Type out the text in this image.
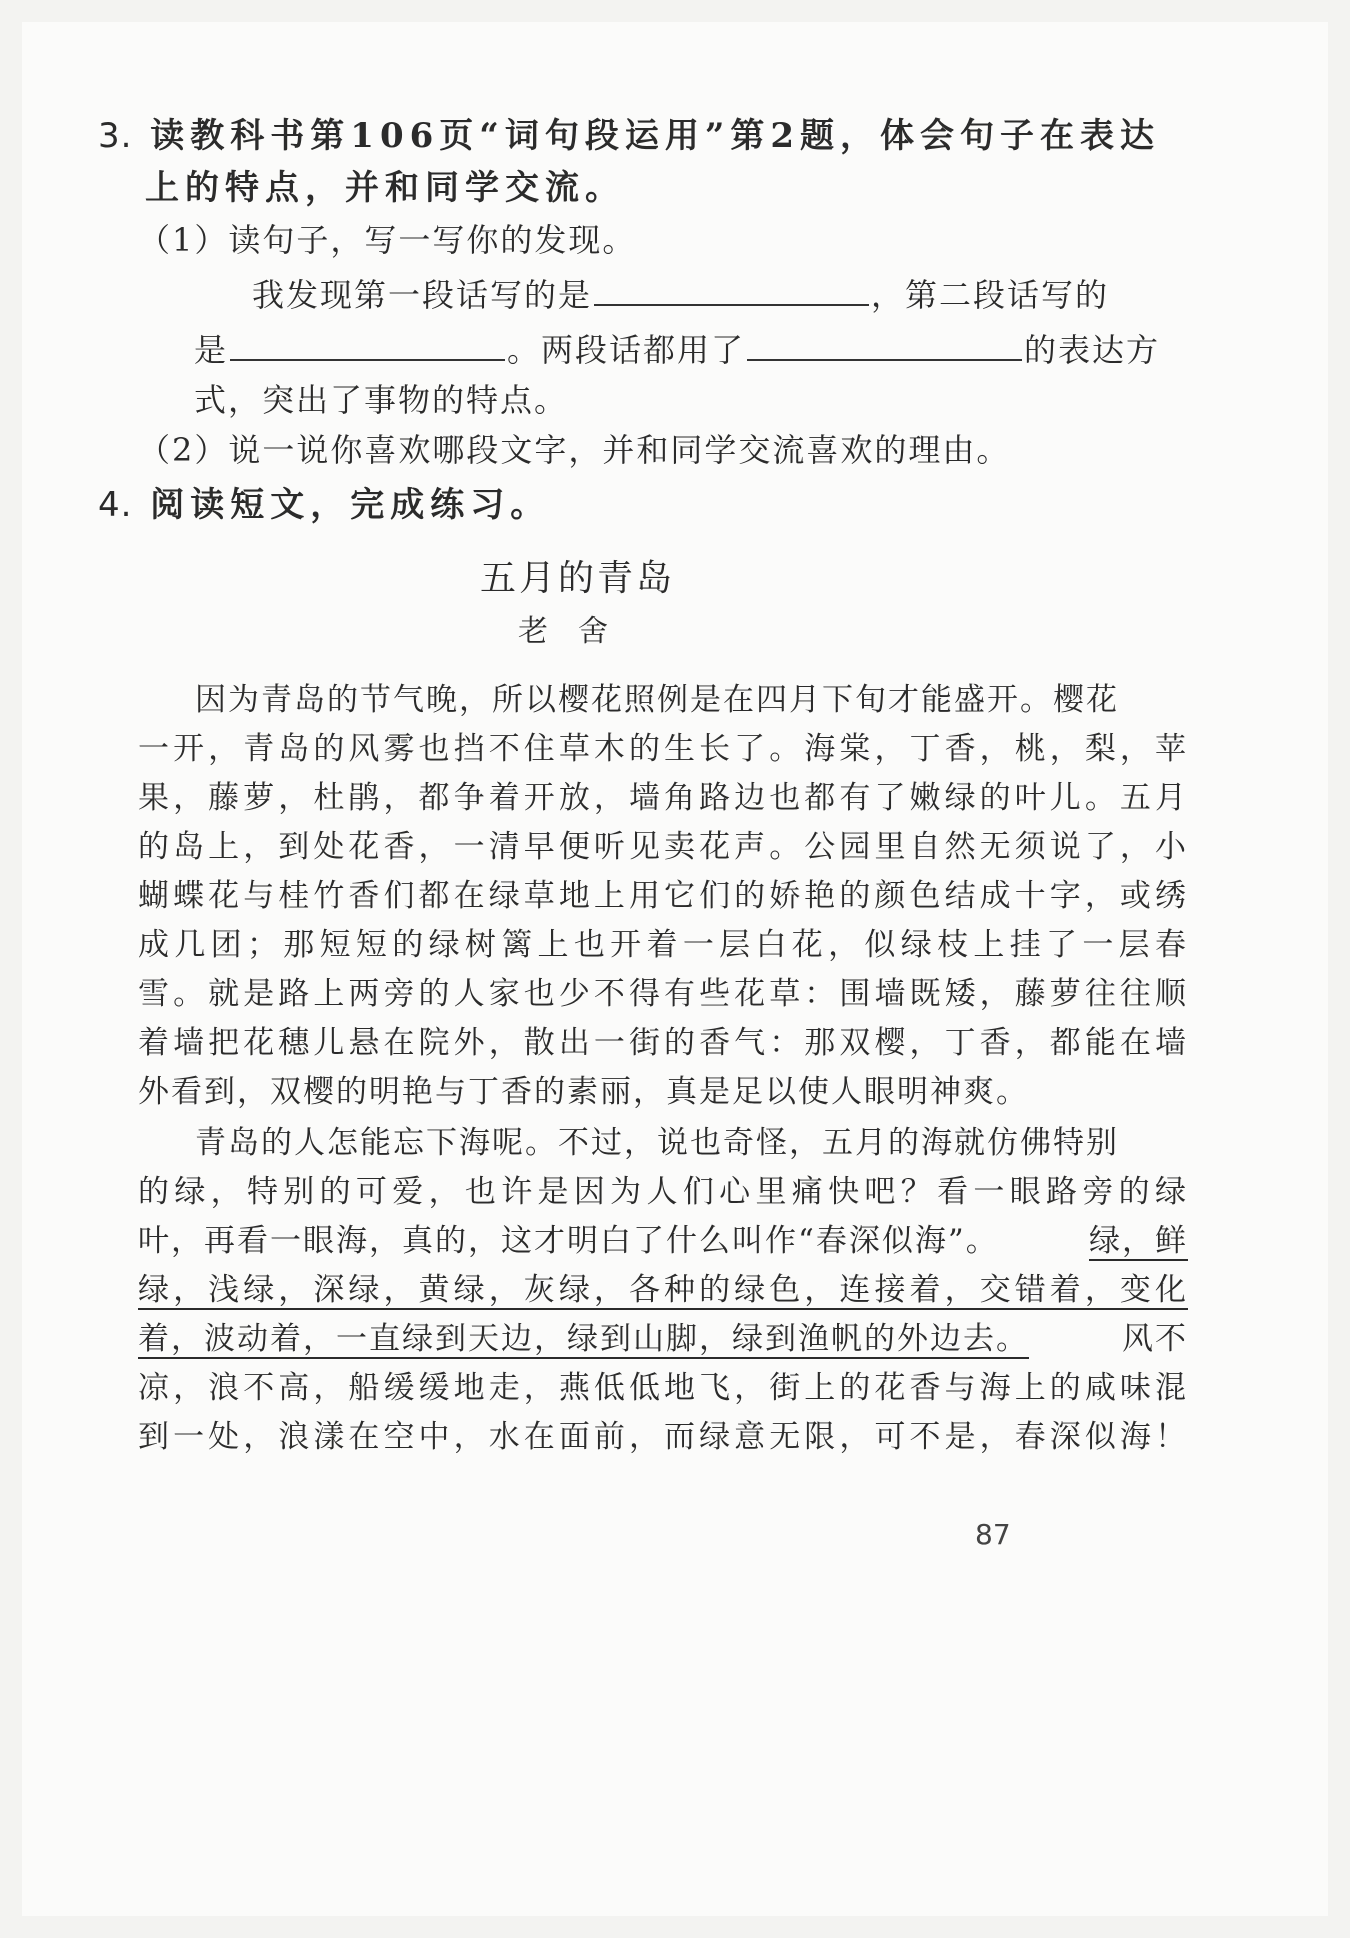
3. 读教科书第106页“词句段运用”第2题，体会句子在表达
上的特点，并和同学交流。
（1）读句子，写一写你的发现。
我发现第一段话写的是	，第二段话写的
是	。两段话都用了	的表达方
式，突出了事物的特点。
（2）说一说你喜欢哪段文字，并和同学交流喜欢的理由。
4. 阅读短文，完成练习。
五月的青岛
老舍
因为青岛的节气晚，所以樱花照例是在四月下旬才能盛开。樱花
一开，青岛的风雾也挡不住草木的生长了。海棠，丁香，桃，梨，苹
果，藤萝，杜鹃，都争着开放，墙角路边也都有了嫩绿的叶儿。五月
的岛上，到处花香，一清早便听见卖花声。公园里自然无须说了，小
蝴蝶花与桂竹香们都在绿草地上用它们的娇艳的颜色结成十字，或绣
成几团；那短短的绿树篱上也开着一层白花，似绿枝上挂了一层春
雪。就是路上两旁的人家也少不得有些花草：围墙既矮，藤萝往往顺
着墙把花穗儿悬在院外，散出一街的香气：那双樱，丁香，都能在墙
外看到，双樱的明艳与丁香的素丽，真是足以使人眼明神爽。
青岛的人怎能忘下海呢。不过，说也奇怪，五月的海就仿佛特别
的绿，特别的可爱，也许是因为人们心里痛快吧？看一眼路旁的绿
叶，再看一眼海，真的，这才明白了什么叫作“春深似海”。	绿，鲜
绿，浅绿，深绿，黄绿，灰绿，各种的绿色，连接着，交错着，变化
着，波动着，一直绿到天边，绿到山脚，绿到渔帆的外边去。	风不
凉，浪不高，船缓缓地走，燕低低地飞，街上的花香与海上的咸味混
到一处，浪漾在空中，水在面前，而绿意无限，可不是，春深似海！
87
